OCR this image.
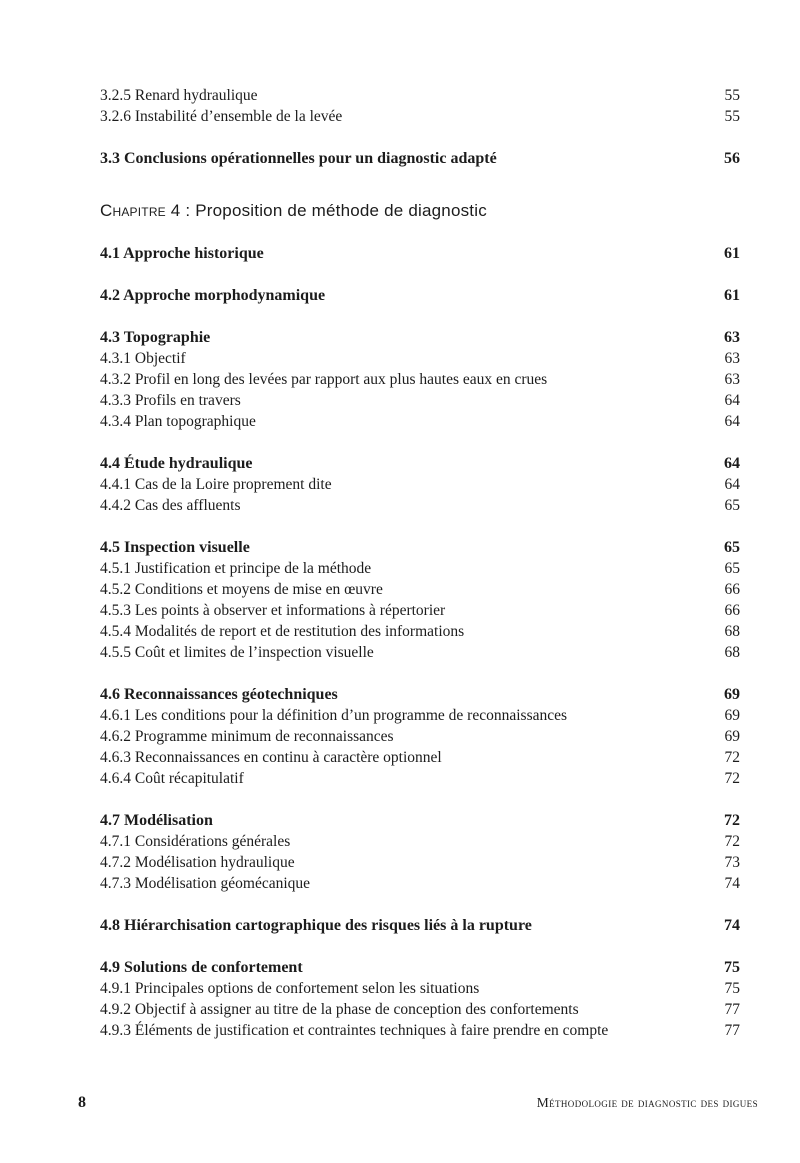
3.2.5 Renard hydraulique	55
3.2.6 Instabilité d’ensemble de la levée	55
3.3 Conclusions opérationnelles pour un diagnostic adapté	56
Chapitre 4 : Proposition de méthode de diagnostic
4.1 Approche historique	61
4.2 Approche morphodynamique	61
4.3 Topographie	63
4.3.1 Objectif	63
4.3.2 Profil en long des levées par rapport aux plus hautes eaux en crues	63
4.3.3 Profils en travers	64
4.3.4 Plan topographique	64
4.4 Étude hydraulique	64
4.4.1 Cas de la Loire proprement dite	64
4.4.2 Cas des affluents	65
4.5 Inspection visuelle	65
4.5.1 Justification et principe de la méthode	65
4.5.2 Conditions et moyens de mise en œuvre	66
4.5.3 Les points à observer et informations à répertorier	66
4.5.4 Modalités de report et de restitution des informations	68
4.5.5 Coût et limites de l’inspection visuelle	68
4.6 Reconnaissances géotechniques	69
4.6.1 Les conditions pour la définition d’un programme de reconnaissances	69
4.6.2 Programme minimum de reconnaissances	69
4.6.3 Reconnaissances en continu à caractère optionnel	72
4.6.4 Coût récapitulatif	72
4.7 Modélisation	72
4.7.1 Considérations générales	72
4.7.2 Modélisation hydraulique	73
4.7.3 Modélisation géomécanique	74
4.8 Hiérarchisation cartographique des risques liés à la rupture	74
4.9 Solutions de confortement	75
4.9.1 Principales options de confortement selon les situations	75
4.9.2 Objectif à assigner au titre de la phase de conception des confortements	77
4.9.3 Éléments de justification et contraintes techniques à faire prendre en compte	77
8	Méthodologie de diagnostic des digues
